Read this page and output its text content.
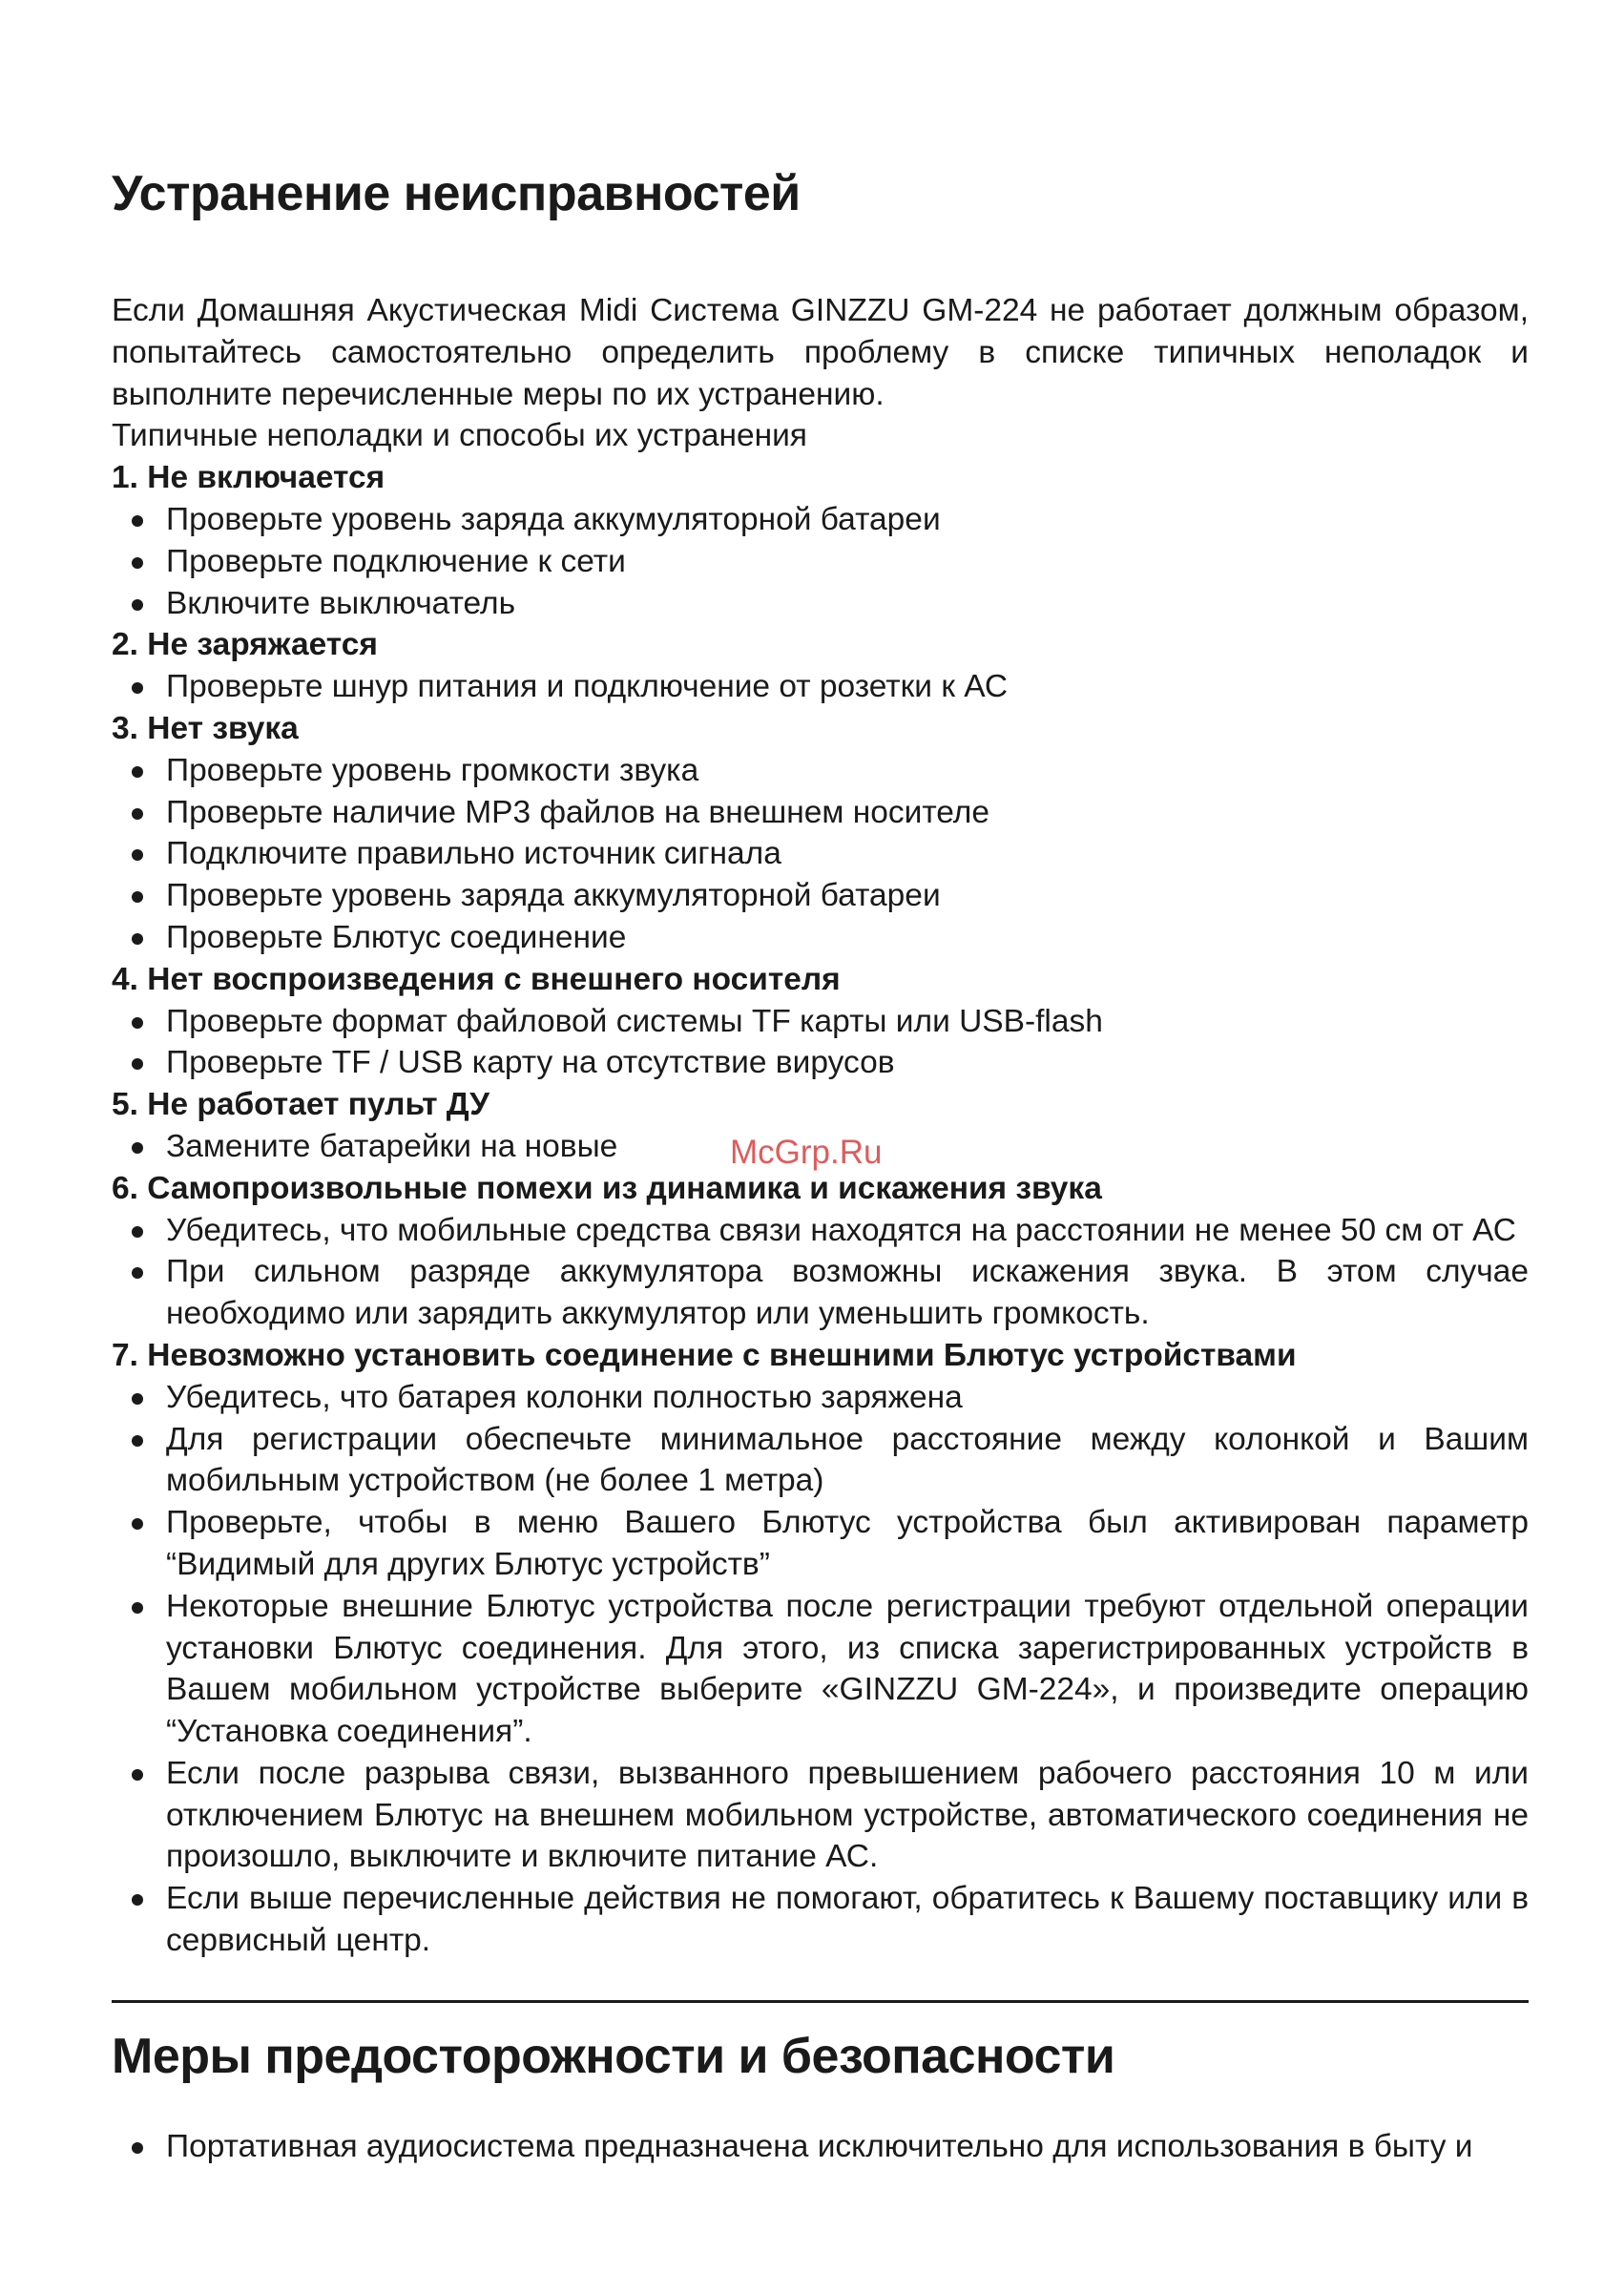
Устранение неисправностей
Если Домашняя Акустическая Midi Система GINZZU GM-224 не работает должным образом, попытайтесь самостоятельно определить проблему в списке типичных неполадок и выполните перечисленные меры по их устранению.
Типичные неполадки и способы их устранения
1. Не включается
Проверьте уровень заряда аккумуляторной батареи
Проверьте подключение к сети
Включите выключатель
2. Не заряжается
Проверьте шнур питания и подключение от розетки к АС
3. Нет звука
Проверьте уровень громкости звука
Проверьте наличие MP3 файлов на внешнем носителе
Подключите правильно источник сигнала
Проверьте уровень заряда аккумуляторной батареи
Проверьте Блютус соединение
4. Нет воспроизведения с внешнего носителя
Проверьте формат файловой системы TF карты или USB-flash
Проверьте TF / USB карту на отсутствие вирусов
5. Не работает пульт ДУ
Замените батарейки на новые
6. Самопроизвольные помехи из динамика и искажения звука
Убедитесь, что мобильные средства связи находятся на расстоянии не менее 50 см от АС
При сильном разряде аккумулятора возможны искажения звука. В этом случае необходимо или зарядить аккумулятор или уменьшить громкость.
7. Невозможно установить соединение с внешними Блютус устройствами
Убедитесь, что батарея колонки полностью заряжена
Для регистрации обеспечьте минимальное расстояние между колонкой и Вашим мобильным устройством (не более 1 метра)
Проверьте, чтобы в меню Вашего Блютус устройства был активирован параметр “Видимый для других Блютус устройств”
Некоторые внешние Блютус устройства после регистрации требуют отдельной операции установки Блютус соединения. Для этого, из списка зарегистрированных устройств в Вашем мобильном устройстве выберите «GINZZU GM-224», и произведите операцию “Установка соединения”.
Если после разрыва связи, вызванного превышением рабочего расстояния 10 м или отключением Блютус на внешнем мобильном устройстве, автоматического соединения не произошло, выключите и включите питание АС.
Если выше перечисленные действия не помогают, обратитесь к Вашему поставщику или в сервисный центр.
Меры предосторожности и безопасности
Портативная аудиосистема предназначена исключительно для использования в быту и
McGrp.Ru
